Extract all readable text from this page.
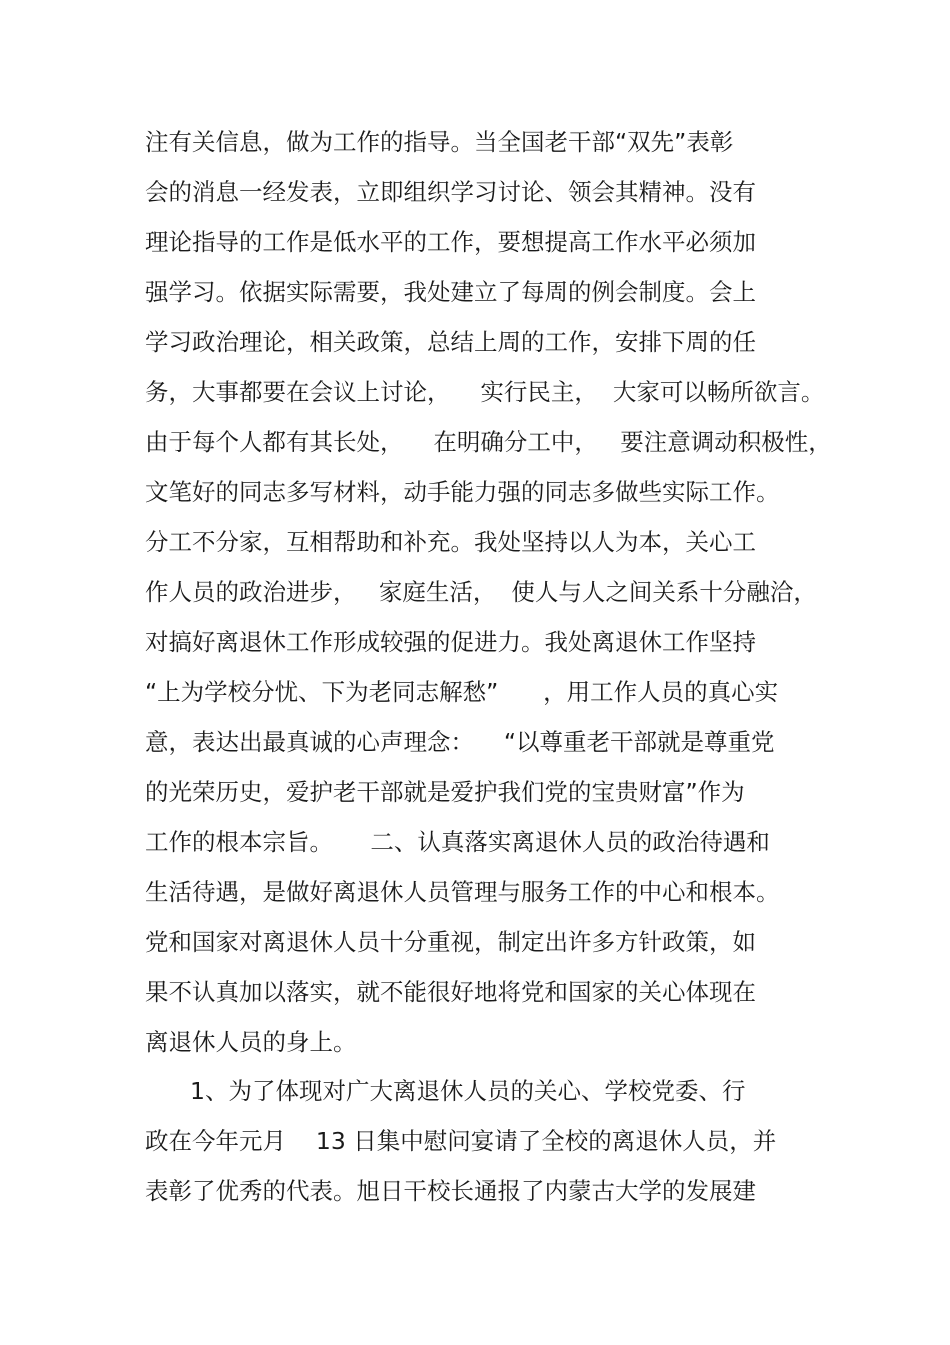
注有关信息，做为工作的指导。当全国老干部“双先”表彰
会的消息一经发表，立即组织学习讨论、领会其精神。没有
理论指导的工作是低水平的工作，要想提高工作水平必须加
强学习。依据实际需要，我处建立了每周的例会制度。会上
学习政治理论，相关政策，总结上周的工作，安排下周的任
务，大事都要在会议上讨论，    实行民主，  大家可以畅所欲言。
由于每个人都有其长处，    在明确分工中，   要注意调动积极性，
文笔好的同志多写材料，动手能力强的同志多做些实际工作。
分工不分家，互相帮助和补充。我处坚持以人为本，关心工
作人员的政治进步，   家庭生活，  使人与人之间关系十分融洽，
对搞好离退休工作形成较强的促进力。我处离退休工作坚持
“上为学校分忧、下为老同志解愁”      ，用工作人员的真心实
意，表达出最真诚的心声理念：    “以尊重老干部就是尊重党
的光荣历史，爱护老干部就是爱护我们党的宝贵财富”作为
工作的根本宗旨。     二、认真落实离退休人员的政治待遇和
生活待遇，是做好离退休人员管理与服务工作的中心和根本。
党和国家对离退休人员十分重视，制定出许多方针政策，如
果不认真加以落实，就不能很好地将党和国家的关心体现在
离退休人员的身上。
1、为了体现对广大离退休人员的关心、学校党委、行
政在今年元月    13 日集中慰问宴请了全校的离退休人员，并
表彰了优秀的代表。旭日干校长通报了内蒙古大学的发展建
